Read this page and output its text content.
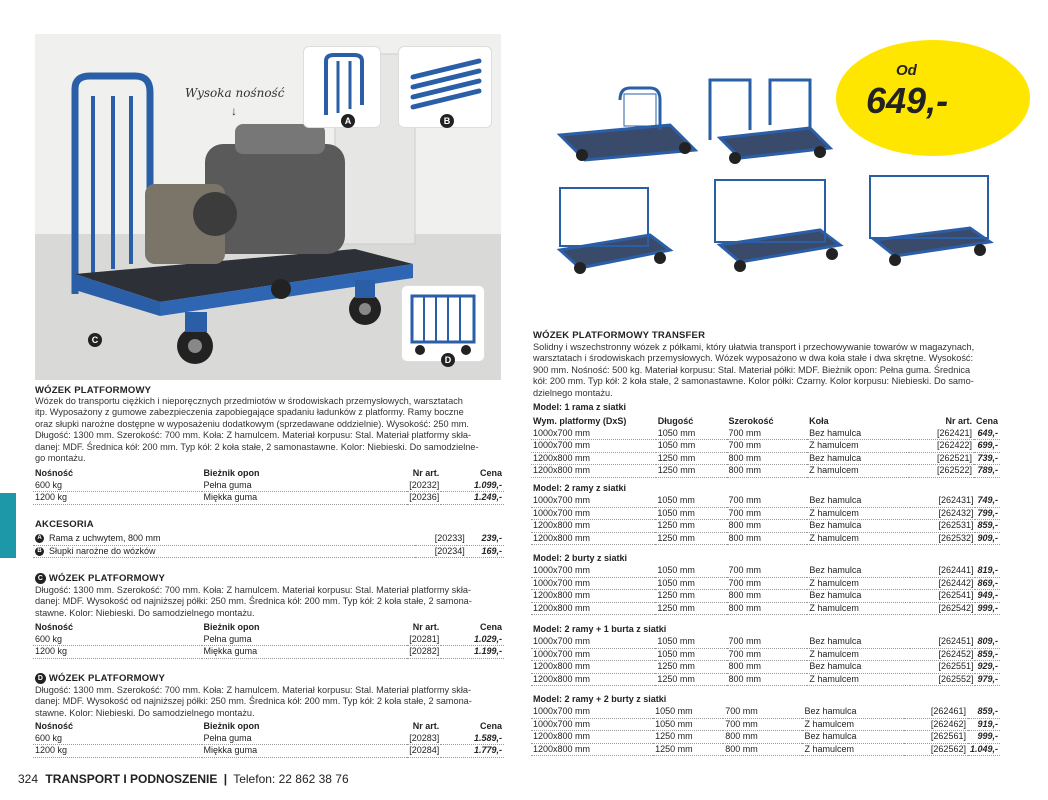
Wysoka nośność
↓
A	B
D
C
WÓZEK PLATFORMOWY
Wózek do transportu ciężkich i nieporęcznych przedmiotów w środowiskach przemysłowych, warsztatach
itp. Wyposażony z gumowe zabezpieczenia zapobiegające spadaniu ładunków z platformy. Ramy boczne
oraz słupki narożne dostępne w wyposażeniu dodatkowym (sprzedawane oddzielnie). Wysokość: 250 mm.
Długość: 1300 mm. Szerokość: 700 mm. Koła: Z hamulcem. Materiał korpusu: Stal. Materiał platformy skła-
danej: MDF. Średnica kół: 200 mm. Typ kół: 2 koła stałe, 2 samonastawne. Kolor: Niebieski. Do samodzielne-
go montażu.
Nośność	Bieżnik opon	Nr art.	Cena
600 kg	Pełna guma	[20232]	1.099,-
1200 kg	Miękka guma	[20236]	1.249,-
AKCESORIA
A Rama z uchwytem, 800 mm	[20233]	239,-
B Słupki narożne do wózków	[20234]	169,-
C WÓZEK PLATFORMOWY
Długość: 1300 mm. Szerokość: 700 mm. Koła: Z hamulcem. Materiał korpusu: Stal. Materiał platformy skła-
danej: MDF. Wysokość od najniższej półki: 250 mm. Średnica kół: 200 mm. Typ kół: 2 koła stałe, 2 samona-
stawne. Kolor: Niebieski. Do samodzielnego montażu.
Nośność	Bieżnik opon	Nr art.	Cena
600 kg	Pełna guma	[20281]	1.029,-
1200 kg	Miękka guma	[20282]	1.199,-
D WÓZEK PLATFORMOWY
Długość: 1300 mm. Szerokość: 700 mm. Koła: Z hamulcem. Materiał korpusu: Stal. Materiał platformy skła-
danej: MDF. Wysokość od najniższej półki: 250 mm. Średnica kół: 200 mm. Typ kół: 2 koła stałe, 2 samona-
stawne. Kolor: Niebieski. Do samodzielnego montażu.
Nośność	Bieżnik opon	Nr art.	Cena
600 kg	Pełna guma	[20283]	1.589,-
1200 kg	Miękka guma	[20284]	1.779,-
Od
649,-
WÓZEK PLATFORMOWY TRANSFER
Solidny i wszechstronny wózek z półkami, który ułatwia transport i przechowywanie towarów w magazynach,
warsztatach i środowiskach przemysłowych. Wózek wyposażono w dwa koła stałe i dwa skrętne. Wysokość:
900 mm. Nośność: 500 kg. Materiał korpusu: Stal. Materiał półki: MDF. Bieżnik opon: Pełna guma. Średnica
kół: 200 mm. Typ kół: 2 koła stałe, 2 samonastawne. Kolor półki: Czarny. Kolor korpusu: Niebieski. Do samo-
dzielnego montażu.
Model: 1 rama z siatki
Wym. platformy (DxS)	Długość	Szerokość	Koła	Nr art.	Cena
1000x700 mm	1050 mm	700 mm	Bez hamulca	[262421]	649,-
1000x700 mm	1050 mm	700 mm	Z hamulcem	[262422]	699,-
1200x800 mm	1250 mm	800 mm	Bez hamulca	[262521]	739,-
1200x800 mm	1250 mm	800 mm	Z hamulcem	[262522]	789,-
Model: 2 ramy z siatki
1000x700 mm	1050 mm	700 mm	Bez hamulca	[262431]	749,-
1000x700 mm	1050 mm	700 mm	Z hamulcem	[262432]	799,-
1200x800 mm	1250 mm	800 mm	Bez hamulca	[262531]	859,-
1200x800 mm	1250 mm	800 mm	Z hamulcem	[262532]	909,-
Model: 2 burty z siatki
1000x700 mm	1050 mm	700 mm	Bez hamulca	[262441]	819,-
1000x700 mm	1050 mm	700 mm	Z hamulcem	[262442]	869,-
1200x800 mm	1250 mm	800 mm	Bez hamulca	[262541]	949,-
1200x800 mm	1250 mm	800 mm	Z hamulcem	[262542]	999,-
Model: 2 ramy + 1 burta z siatki
1000x700 mm	1050 mm	700 mm	Bez hamulca	[262451]	809,-
1000x700 mm	1050 mm	700 mm	Z hamulcem	[262452]	859,-
1200x800 mm	1250 mm	800 mm	Bez hamulca	[262551]	929,-
1200x800 mm	1250 mm	800 mm	Z hamulcem	[262552]	979,-
Model: 2 ramy + 2 burty z siatki
1000x700 mm	1050 mm	700 mm	Bez hamulca	[262461]	859,-
1000x700 mm	1050 mm	700 mm	Z hamulcem	[262462]	919,-
1200x800 mm	1250 mm	800 mm	Bez hamulca	[262561]	999,-
1200x800 mm	1250 mm	800 mm	Z hamulcem	[262562]	1.049,-
324 TRANSPORT I PODNOSZENIE | Telefon: 22 862 38 76
